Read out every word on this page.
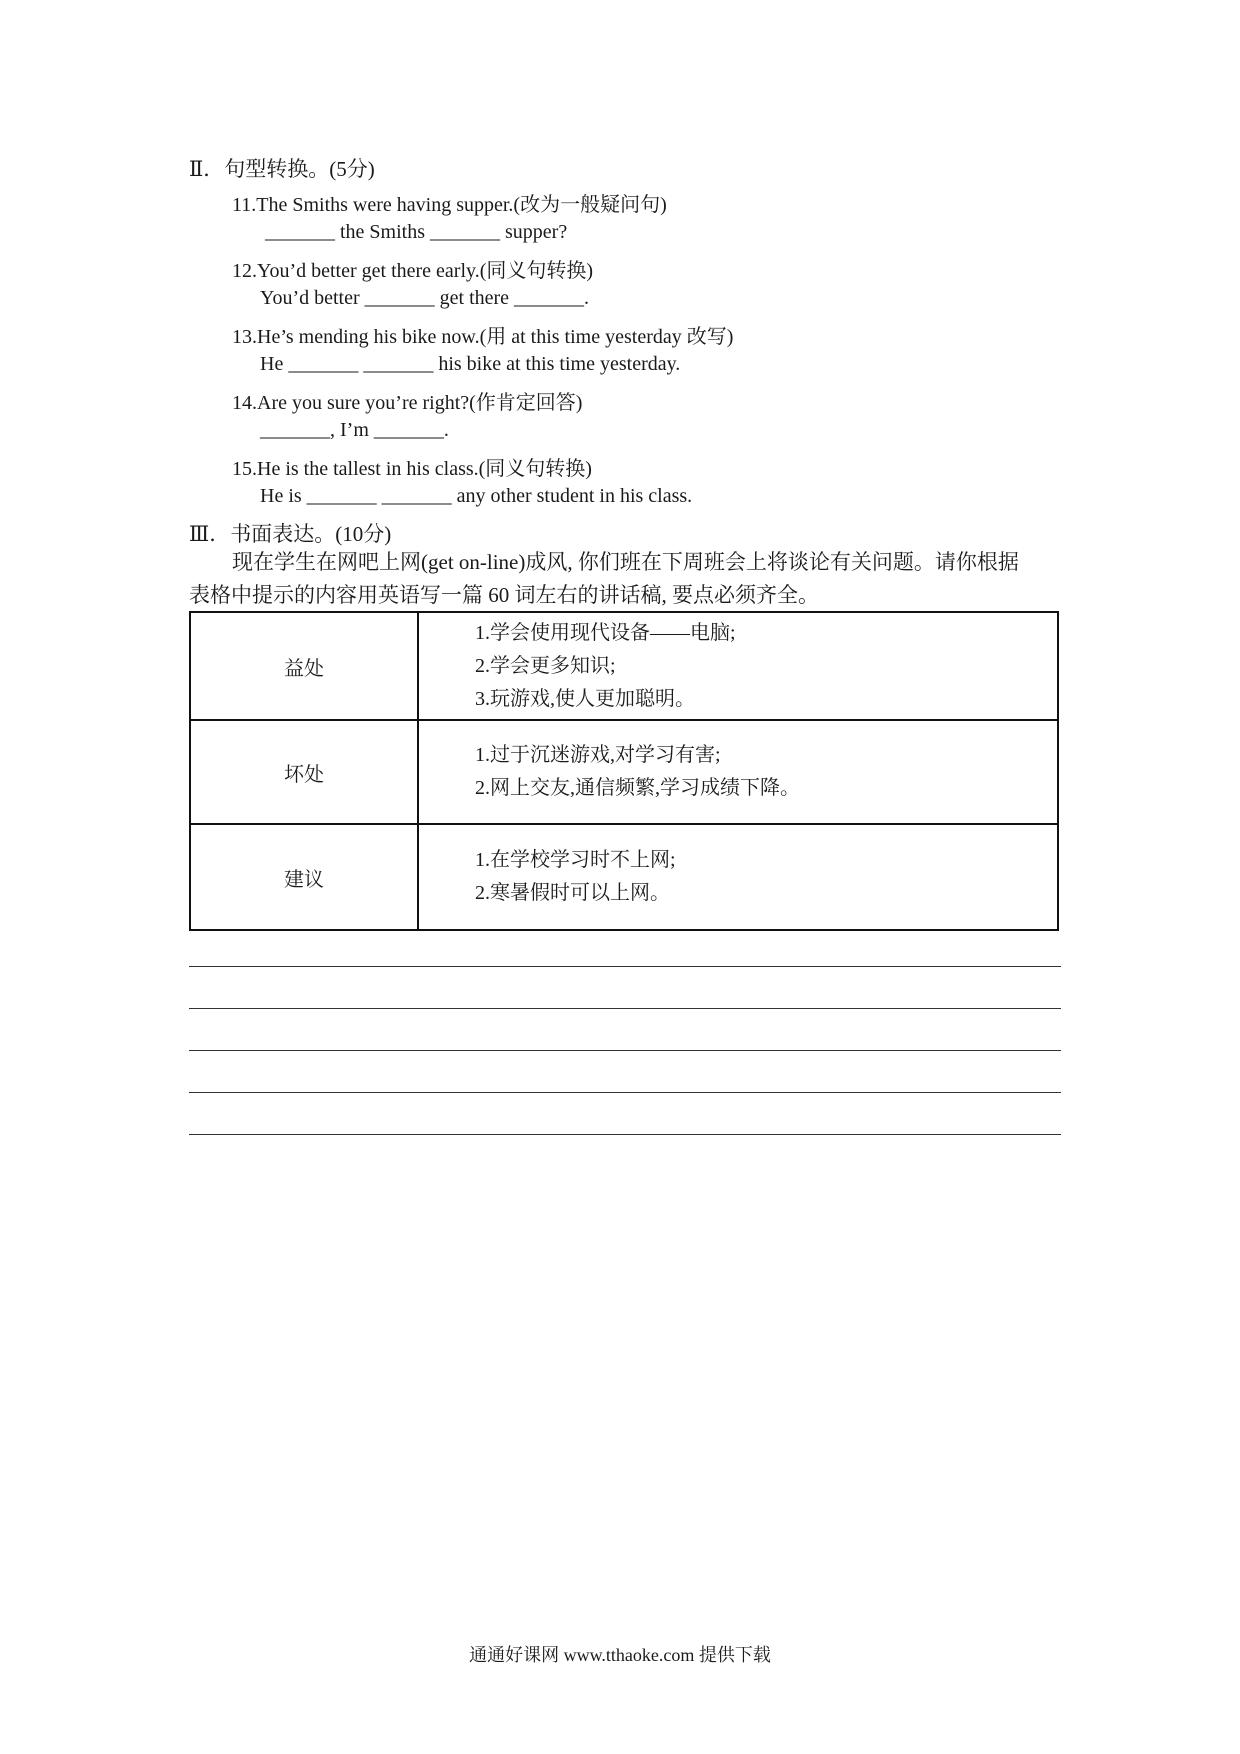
Ⅱ．句型转换。(5分)
11.The Smiths were having supper.(改为一般疑问句)
_______ the Smiths _______ supper?
12.You’d better get there early.(同义句转换)
You’d better _______ get there _______.
13.He’s mending his bike now.(用 at this time yesterday 改写)
He _______ _______ his bike at this time yesterday.
14.Are you sure you’re right?(作肯定回答)
_______, I’m _______.
15.He is the tallest in his class.(同义句转换)
He is _______ _______ any other student in his class.
Ⅲ．书面表达。(10分)
现在学生在网吧上网(get on-line)成风, 你们班在下周班会上将谈论有关问题。请你根据
表格中提示的内容用英语写一篇 60 词左右的讲话稿, 要点必须齐全。
益处	1.学会使用现代设备——电脑;
2.学会更多知识;
3.玩游戏,使人更加聪明。

坏处	1.过于沉迷游戏,对学习有害;
2.网上交友,通信频繁,学习成绩下降。

建议	1.在学校学习时不上网;
2.寒暑假时可以上网。
通通好课网 www.tthaoke.com 提供下载
